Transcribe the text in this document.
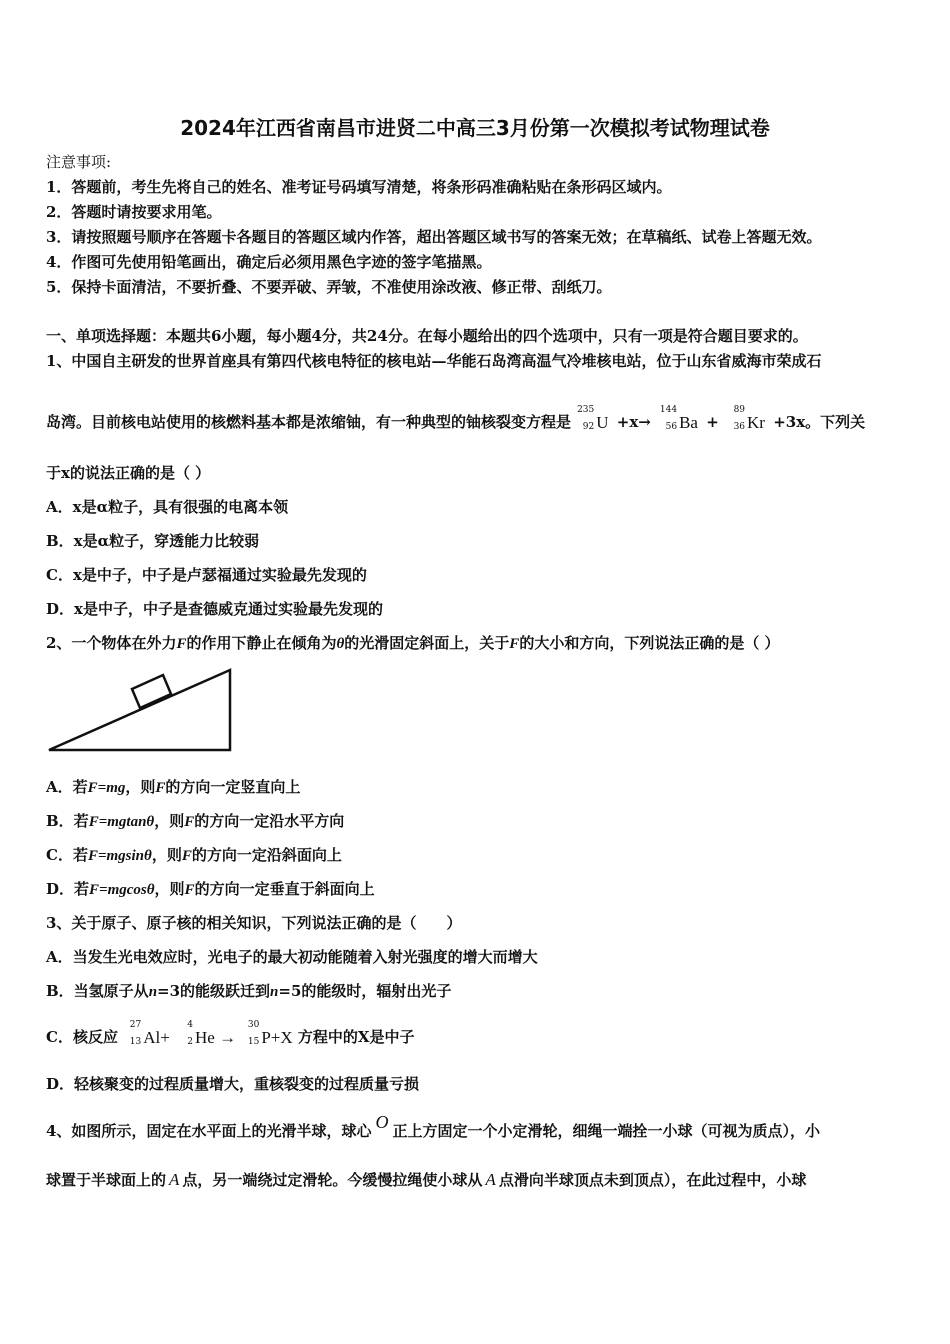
2024年江西省南昌市进贤二中高三3月份第一次模拟考试物理试卷
注意事项:
1．答题前，考生先将自己的姓名、准考证号码填写清楚，将条形码准确粘贴在条形码区域内。
2．答题时请按要求用笔。
3．请按照题号顺序在答题卡各题目的答题区域内作答，超出答题区域书写的答案无效；在草稿纸、试卷上答题无效。
4．作图可先使用铅笔画出，确定后必须用黑色字迹的签字笔描黑。
5．保持卡面清洁，不要折叠、不要弄破、弄皱，不准使用涂改液、修正带、刮纸刀。
一、单项选择题：本题共6小题，每小题4分，共24分。在每小题给出的四个选项中，只有一项是符合题目要求的。
1、中国自主研发的世界首座具有第四代核电特征的核电站—华能石岛湾高温气冷堆核电站，位于山东省威海市荣成石
岛湾。目前核电站使用的核燃料基本都是浓缩铀，有一种典型的铀核裂变方程是
235
92 U +x→
144
56 Ba +
89
36 Kr +3x。下列关
于x的说法正确的是（ ）
A．x是α粒子，具有很强的电离本领
B．x是α粒子，穿透能力比较弱
C．x是中子，中子是卢瑟福通过实验最先发现的
D．x是中子，中子是查德威克通过实验最先发现的
2、一个物体在外力F的作用下静止在倾角为θ的光滑固定斜面上，关于F的大小和方向，下列说法正确的是（ ）
A．若F=mg，则F的方向一定竖直向上
B．若F=mgtanθ，则F的方向一定沿水平方向
C．若F=mgsinθ，则F的方向一定沿斜面向上
D．若F=mgcosθ，则F的方向一定垂直于斜面向上
3、关于原子、原子核的相关知识，下列说法正确的是（　　）
A．当发生光电效应时，光电子的最大初动能随着入射光强度的增大而增大
B．当氢原子从n=3的能级跃迁到n=5的能级时，辐射出光子
C．核反应
27
13 Al+
4
2 He →
30
15 P+X 方程中的X是中子
D．轻核聚变的过程质量增大，重核裂变的过程质量亏损
4、如图所示，固定在水平面上的光滑半球，球心 O 正上方固定一个小定滑轮，细绳一端拴一小球（可视为质点），小
球置于半球面上的 A 点，另一端绕过定滑轮。今缓慢拉绳使小球从 A 点滑向半球顶点未到顶点），在此过程中，小球
